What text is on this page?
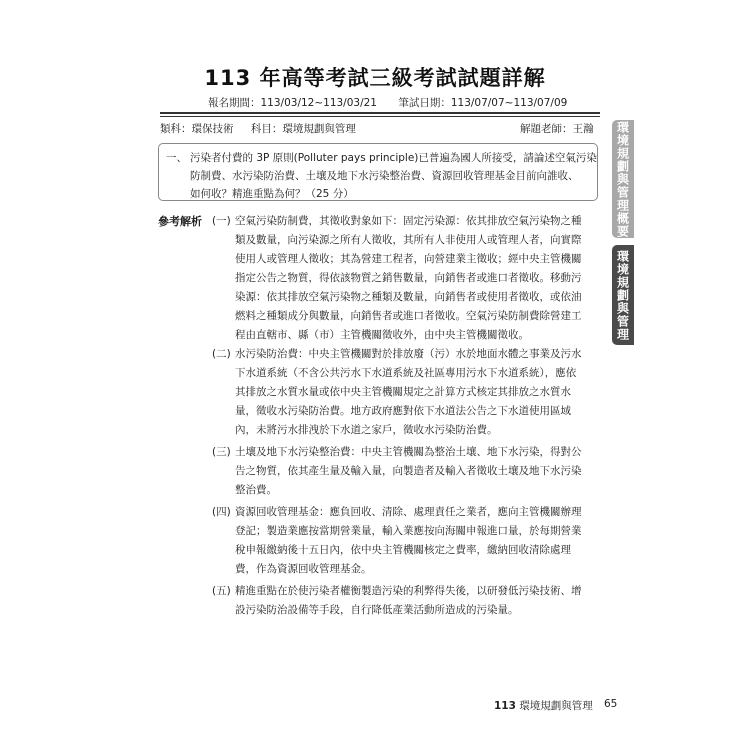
113 年高等考試三級考試試題詳解
報名期間：113/03/12~113/03/21 筆試日期：113/07/07~113/07/09
類科：環保技術 科目：環境規劃與管理	解題老師：王瀚
一、 污染者付費的 3P 原則(Polluter pays principle)已普遍為國人所接受，請論述空氣污染
防制費、水污染防治費、土壤及地下水污染整治費、資源回收管理基金目前向誰收、
如何收？精進重點為何？（25 分）
參考解析 (一) 空氣污染防制費，其徵收對象如下：固定污染源：依其排放空氣污染物之種
類及數量，向污染源之所有人徵收，其所有人非使用人或管理人者，向實際
使用人或管理人徵收；其為營建工程者，向營建業主徵收；經中央主管機關
指定公告之物質，得依該物質之銷售數量，向銷售者或進口者徵收。移動污
染源：依其排放空氣污染物之種類及數量，向銷售者或使用者徵收，或依油
燃料之種類成分與數量，向銷售者或進口者徵收。空氣污染防制費除營建工
程由直轄市、縣（市）主管機關徵收外，由中央主管機關徵收。
(二) 水污染防治費：中央主管機關對於排放廢（污）水於地面水體之事業及污水
下水道系統（不含公共污水下水道系統及社區專用污水下水道系統），應依
其排放之水質水量或依中央主管機關規定之計算方式核定其排放之水質水
量，徵收水污染防治費。地方政府應對依下水道法公告之下水道使用區域
內，未將污水排洩於下水道之家戶，徵收水污染防治費。
(三) 土壤及地下水污染整治費：中央主管機關為整治土壤、地下水污染，得對公
告之物質，依其產生量及輸入量，向製造者及輸入者徵收土壤及地下水污染
整治費。
(四) 資源回收管理基金：應負回收、清除、處理責任之業者，應向主管機關辦理
登記；製造業應按當期營業量，輸入業應按向海關申報進口量，於每期營業
稅申報繳納後十五日內，依中央主管機關核定之費率，繳納回收清除處理
費，作為資源回收管理基金。
(五) 精進重點在於使污染者權衡製造污染的利弊得失後，以研發低污染技術、增
設污染防治設備等手段，自行降低產業活動所造成的污染量。
環境規劃與管理概要
環境規劃與管理
113 環境規劃與管理 65
